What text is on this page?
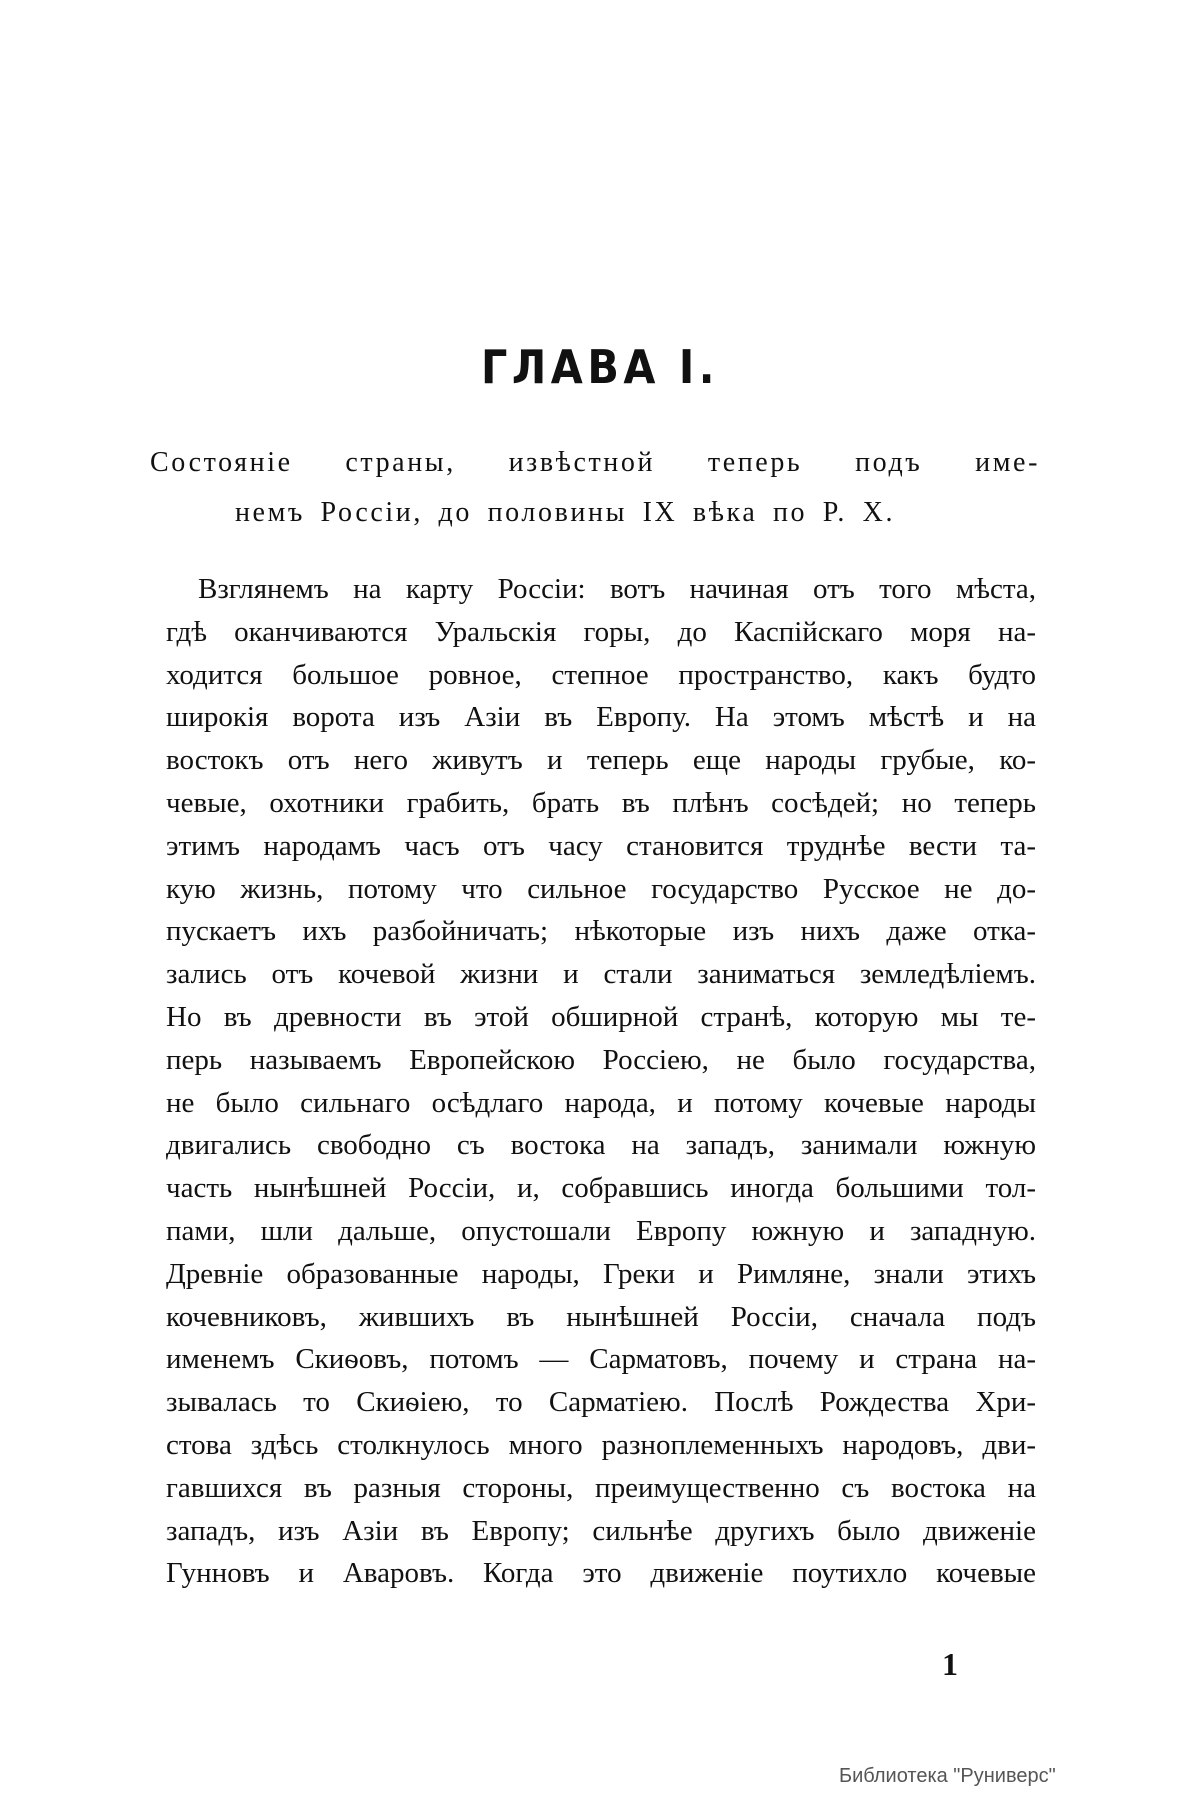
ГЛАВА I.

Состоянiе страны, извѣстной теперь подъ име-
немъ Россiи, до половины IX вѣка по Р. Х.

Взглянемъ на карту Россiи: вотъ начиная отъ того мѣста,
гдѣ оканчиваются Уральскiя горы, до Каспiйскаго моря на-
ходится большое ровное, степное пространство, какъ будто
широкiя ворота изъ Азiи въ Европу. На этомъ мѣстѣ и на
востокъ отъ него живутъ и теперь еще народы грубые, ко-
чевые, охотники грабить, брать въ плѣнъ сосѣдей; но теперь
этимъ народамъ часъ отъ часу становится труднѣе вести та-
кую жизнь, потому что сильное государство Русское не до-
пускаетъ ихъ разбойничать; нѣкоторые изъ нихъ даже отка-
зались отъ кочевой жизни и стали заниматься земледѣлiемъ.
Но въ древности въ этой обширной странѣ, которую мы те-
перь называемъ Европейскою Россiею, не было государства,
не было сильнаго осѣдлаго народа, и потому кочевые народы
двигались свободно съ востока на западъ, занимали южную
часть нынѣшней Россiи, и, собравшись иногда большими тол-
пами, шли дальше, опустошали Европу южную и западную.
Древнiе образованные народы, Греки и Римляне, знали этихъ
кочевниковъ, жившихъ въ нынѣшней Россiи, сначала подъ
именемъ Скиѳовъ, потомъ — Сарматовъ, почему и страна на-
зывалась то Скиѳiею, то Сарматiею. Послѣ Рождества Хри-
стова здѣсь столкнулось много разноплеменныхъ народовъ, дви-
гавшихся въ разныя стороны, преимущественно съ востока на
западъ, изъ Азiи въ Европу; сильнѣе другихъ было движенiе
Гунновъ и Аваровъ. Когда это движенiе поутихло кочевые

1

Библиотека "Руниверс"
